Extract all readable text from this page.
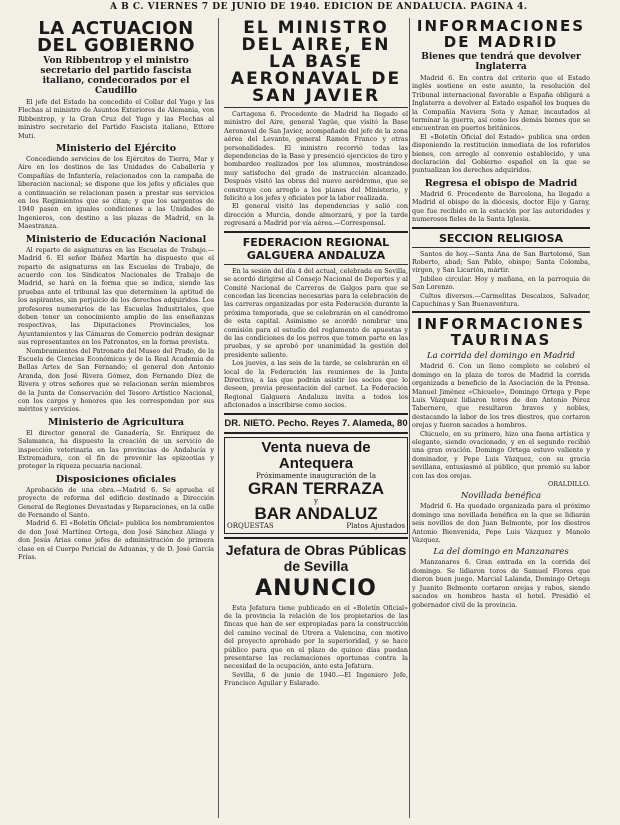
A B C. VIERNES 7 DE JUNIO DE 1940. EDICION DE ANDALUCIA. PAGINA 4.
LA ACTUACION DEL GOBIERNO
Von Ribbentrop y el ministro secretario del partido fascista italiano, condecorados por el Caudillo

El jefe del Estado ha concedido el Collar del Yugo y las Flechas al ministro de Asuntos Exteriores de Alemania, von Ribbentrop, y la Gran Cruz del Yugo y las Flechas al ministro secretario del Partido Fascista italiano, Ettore Muti.

Ministerio del Ejército

Concediendo servicios de los Ejércitos de Tierra, Mar y Aire en los destinos de las Unidades de Caballería y Compañías de Infantería, relacionados con la campaña de liberación nacional; se dispone que los jefes y oficiales que a continuación se relacionan pasen a prestar sus servicios en los Regimientos que se citan; y que los sargentos de 1940 pasen en iguales condiciones a las Unidades de Ingenieros, con destino a las plazas de Madrid, en la Maestranza.

Ministerio de Educación Nacional

Al reparto de asignaturas en las Escuelas de Trabajo.—Madrid 6. El señor Ibáñez Martín ha dispuesto que el reparto de asignaturas en las Escuelas de Trabajo, de acuerdo con los Sindicatos Nacionales de Trabajo de Madrid, se hará en la forma que se indica, siendo las pruebas ante el tribunal las que determinen la aptitud de los aspirantes, sin perjuicio de los derechos adquiridos. Los profesores numerarios de las Escuelas Industriales, que deben tener un conocimiento amplio de las enseñanzas respectivas, las Diputaciones Provinciales, los Ayuntamientos y las Cámaras de Comercio podrán designar sus representantes en los Patronatos, en la forma prevista.

Nombramientos del Patronato del Museo del Prado, de la Escuela de Ciencias Económicas y de la Real Academia de Bellas Artes de San Fernando; el general don Antonio Aranda, don José Rivera Gómez, don Fernando Díez de Rivera y otros señores que se relacionan serán miembros de la Junta de Conservación del Tesoro Artístico Nacional, con los cargos y honores que les correspondan por sus méritos y servicios.

Ministerio de Agricultura

El director general de Ganadería, Sr. Enríquez de Salamanca, ha dispuesto la creación de un servicio de inspección veterinaria en las provincias de Andalucía y Extremadura, con el fin de prevenir las epizootias y proteger la riqueza pecuaria nacional.

Disposiciones oficiales

Aprobación de una obra.—Madrid 6. Se aprueba el proyecto de reforma del edificio destinado a Dirección General de Regiones Devastadas y Reparaciones, en la calle de Fernando el Santo.

Madrid 6. El «Boletín Oficial» publica los nombramientos de don José Martínez Ortega, don José Sánchez Aliaga y don Jesús Arias como jefes de administración de primera clase en el Cuerpo Pericial de Aduanas, y de D. José García Frías.

EL MINISTRO DEL AIRE, EN LA BASE AERONAVAL DE SAN JAVIER

Cartagena 6. Procedente de Madrid ha llegado el ministro del Aire, general Yagüe, que visitó la Base Aeronaval de San Javier, acompañado del jefe de la zona aérea del Levante, general Ramón Franco y otras personalidades. El ministro recorrió todas las dependencias de la Base y presenció ejercicios de tiro y bombardeo realizados por los alumnos, mostrándose muy satisfecho del grado de instrucción alcanzado. Después visitó las obras del nuevo aeródromo, que se construye con arreglo a los planes del Ministerio, y felicitó a los jefes y oficiales por la labor realizada.

El general visitó las dependencias y salió con dirección a Murcia, donde almorzará, y por la tarde regresará a Madrid por vía aérea.—Corresponsal.

FEDERACION REGIONAL GALGUERA ANDALUZA

En la sesión del día 4 del actual, celebrada en Sevilla, se acordó dirigirse al Consejo Nacional de Deportes y al Comité Nacional de Carreras de Galgos para que se concedan las licencias necesarias para la celebración de las carreras organizadas por esta Federación durante la próxima temporada, que se celebrarán en el canódromo de esta capital. Asimismo se acordó nombrar una comisión para el estudio del reglamento de apuestas y de las condiciones de los perros que tomen parte en las pruebas, y se aprobó por unanimidad la gestión del presidente saliente.

Los jueves, a las seis de la tarde, se celebrarán en el local de la Federación las reuniones de la Junta Directiva, a las que podrán asistir los socios que lo deseen, previa presentación del carnet. La Federación Regional Galguera Andaluza invita a todos los aficionados a inscribirse como socios.

DR. NIETO. Pecho. Reyes 7. Alameda, 80
Venta nueva de Antequera
Próximamente inauguración de la
GRAN TERRAZA
y
BAR ANDALUZ
ORQUESTAS	Platos Ajustados
Jefatura de Obras Públicas de Sevilla
ANUNCIO

Esta Jefatura tiene publicado en el «Boletín Oficial» de la provincia la relación de los propietarios de las fincas que han de ser expropiadas para la construcción del camino vecinal de Utrera a Valencina, con motivo del proyecto aprobado por la superioridad, y se hace público para que en el plazo de quince días puedan presentarse las reclamaciones oportunas contra la necesidad de la ocupación, ante esta Jefatura.

Sevilla, 6 de junio de 1940.—El Ingeniero Jefe, Francisco Aguilar y Eslarado.

INFORMACIONES DE MADRID
Bienes que tendrá que devolver Inglaterra

Madrid 6. En contra del criterio que el Estado inglés sostiene en este asunto, la resolución del Tribunal internacional favorable a España obligará a Inglaterra a devolver al Estado español los buques de la Compañía Naviera Sota y Aznar, incautados al terminar la guerra, así como los demás bienes que se encuentran en puertos británicos.

El «Boletín Oficial del Estado» publica una orden disponiendo la restitución inmediata de los referidos bienes, con arreglo al convenio establecido, y una declaración del Gobierno español en la que se puntualizan los derechos adquiridos.

Regresa el obispo de Madrid

Madrid 6. Procedente de Barcelona, ha llegado a Madrid el obispo de la diócesis, doctor Eijo y Garay, que fue recibido en la estación por las autoridades y numerosos fieles de la Santa Iglesia.

SECCION RELIGIOSA

Santos de hoy.—Santa Ana de San Bartolomé, San Roberto, abad; San Pablo, obispo; Santa Colomba, virgen, y San Licarión, mártir.

Jubileo circular. Hoy y mañana, en la parroquia de San Lorenzo.

Cultos diversos.—Carmelitas Descalzos, Salvador, Capuchinas y San Buenaventura.

INFORMACIONES TAURINAS
La corrida del domingo en Madrid

Madrid 6. Con un lleno completo se celebró el domingo en la plaza de toros de Madrid la corrida organizada a beneficio de la Asociación de la Prensa. Manuel Jiménez «Chicuelo», Domingo Ortega y Pepe Luis Vázquez lidiaron toros de don Antonio Pérez Tabernero, que resultaron bravos y nobles, destacando la labor de los tres diestros, que cortaron orejas y fueron sacados a hombros.

Chicuelo, en su primero, hizo una faena artística y elegante, siendo ovacionado, y en el segundo recibió una gran ovación. Domingo Ortega estuvo valiente y dominador, y Pepe Luis Vázquez, con su gracia sevillana, entusiasmó al público, que premió su labor con las dos orejas.

ORALDILLO.

Novillada benéfica

Madrid 6. Ha quedado organizada para el próximo domingo una novillada benéfica en la que se lidiarán seis novillos de don Juan Belmonte, por los diestros Antonio Bienvenida, Pepe Luis Vázquez y Manolo Vázquez.

La del domingo en Manzanares

Manzanares 6. Gran entrada en la corrida del domingo. Se lidiaron toros de Samuel Flores que dieron buen juego. Marcial Lalanda, Domingo Ortega y Juanito Belmonte cortaron orejas y rabos, siendo sacados en hombros hasta el hotel. Presidió el gobernador civil de la provincia.
